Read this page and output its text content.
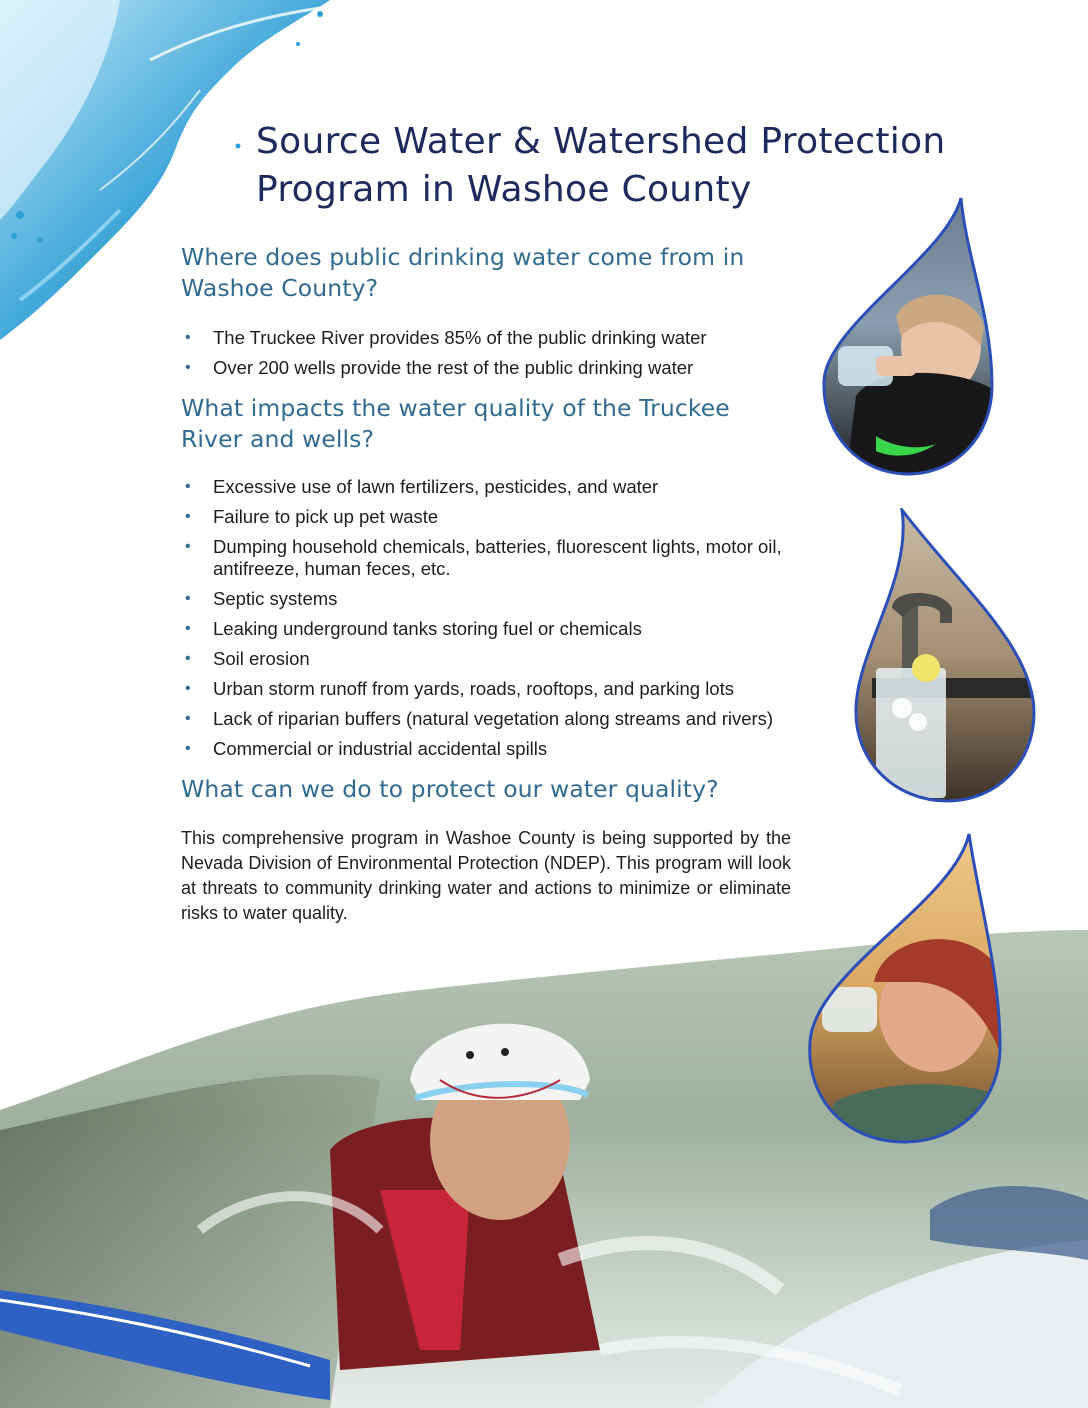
Source Water & Watershed Protection
Program in Washoe County
Where does public drinking water come from in
Washoe County?
• The Truckee River provides 85% of the public drinking water
• Over 200 wells provide the rest of the public drinking water
What impacts the water quality of the Truckee
River and wells?
• Excessive use of lawn fertilizers, pesticides, and water
• Failure to pick up pet waste
• Dumping household chemicals, batteries, fluorescent lights, motor oil, antifreeze, human feces, etc.
• Septic systems
• Leaking underground tanks storing fuel or chemicals
• Soil erosion
• Urban storm runoff from yards, roads, rooftops, and parking lots
• Lack of riparian buffers (natural vegetation along streams and rivers)
• Commercial or industrial accidental spills
What can we do to protect our water quality?

This comprehensive program in Washoe County is being supported by the Nevada Division of Environmental Protection (NDEP). This program will look at threats to community drinking water and actions to minimize or eliminate risks to water quality.
